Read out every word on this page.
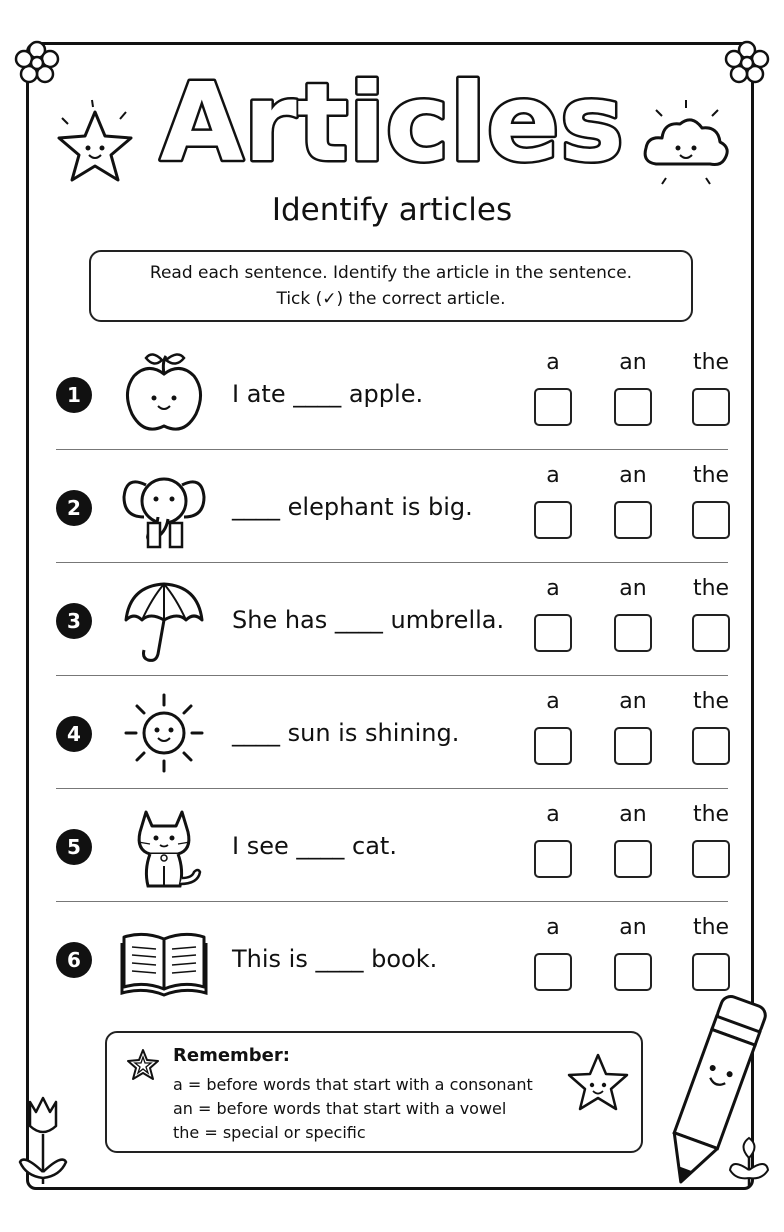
Articles
Identify articles
Read each sentence. Identify the article in the sentence.
Tick (✓) the correct article.
1	I ate ____ apple.
a	an	the
2	____ elephant is big.
a	an	the
3	She has ____ umbrella.
a	an	the
4	____ sun is shining.
a	an	the
5	I see ____ cat.
a	an	the
6	This is ____ book.
a	an	the
Remember:
a = before words that start with a consonant
an = before words that start with a vowel
the = special or specific
